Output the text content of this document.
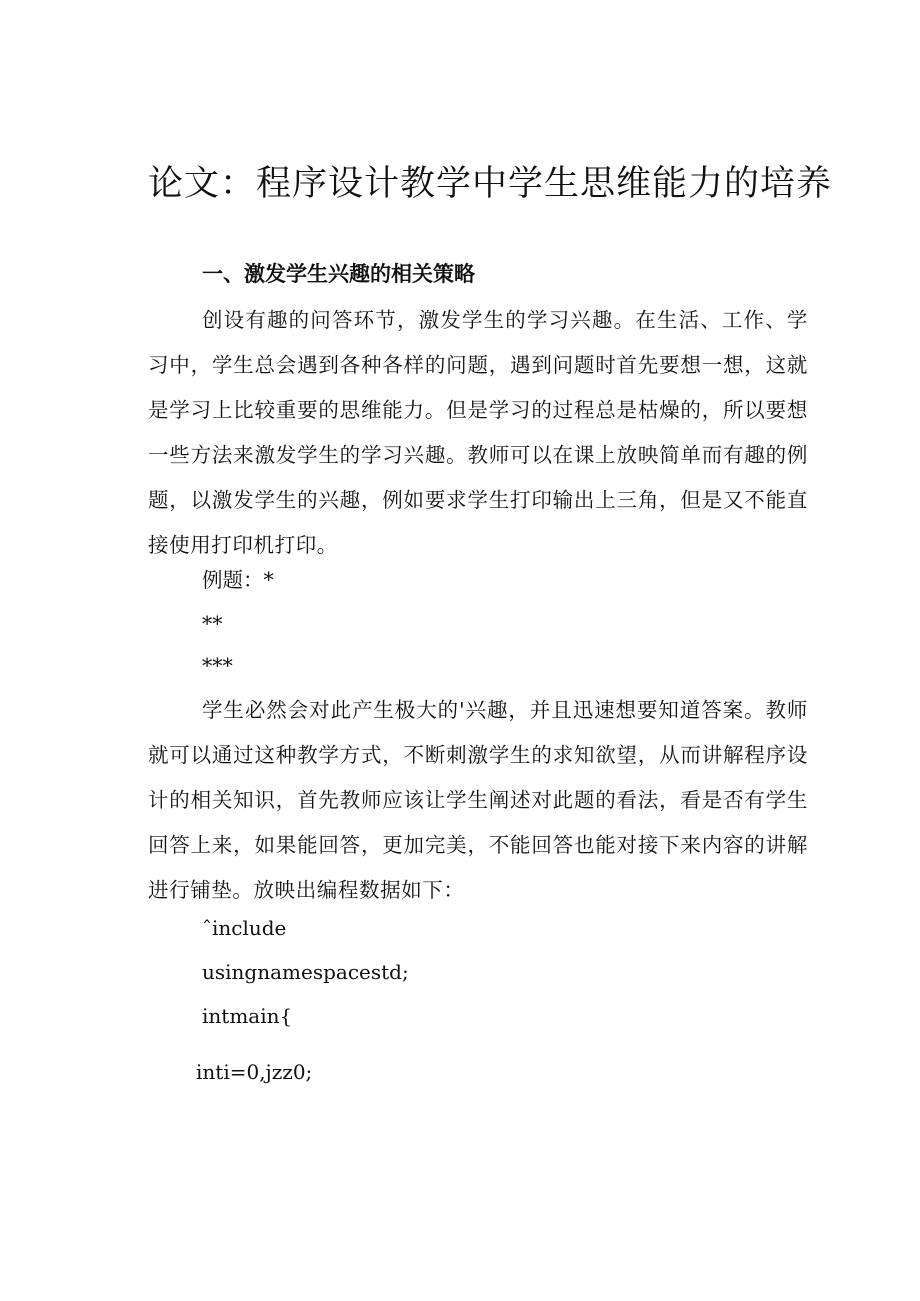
论文：程序设计教学中学生思维能力的培养
一、激发学生兴趣的相关策略
创设有趣的问答环节，激发学生的学习兴趣。在生活、工作、学习中，学生总会遇到各种各样的问题，遇到问题时首先要想一想，这就是学习上比较重要的思维能力。但是学习的过程总是枯燥的，所以要想一些方法来激发学生的学习兴趣。教师可以在课上放映简单而有趣的例题，以激发学生的兴趣，例如要求学生打印输出上三角，但是又不能直接使用打印机打印。
例题：*
**
***
学生必然会对此产生极大的'兴趣，并且迅速想要知道答案。教师就可以通过这种教学方式，不断刺激学生的求知欲望，从而讲解程序设计的相关知识，首先教师应该让学生阐述对此题的看法，看是否有学生回答上来，如果能回答，更加完美，不能回答也能对接下来内容的讲解进行铺垫。放映出编程数据如下：
ˆinclude
usingnamespacestd;
intmain{
inti=0,jzz0;
